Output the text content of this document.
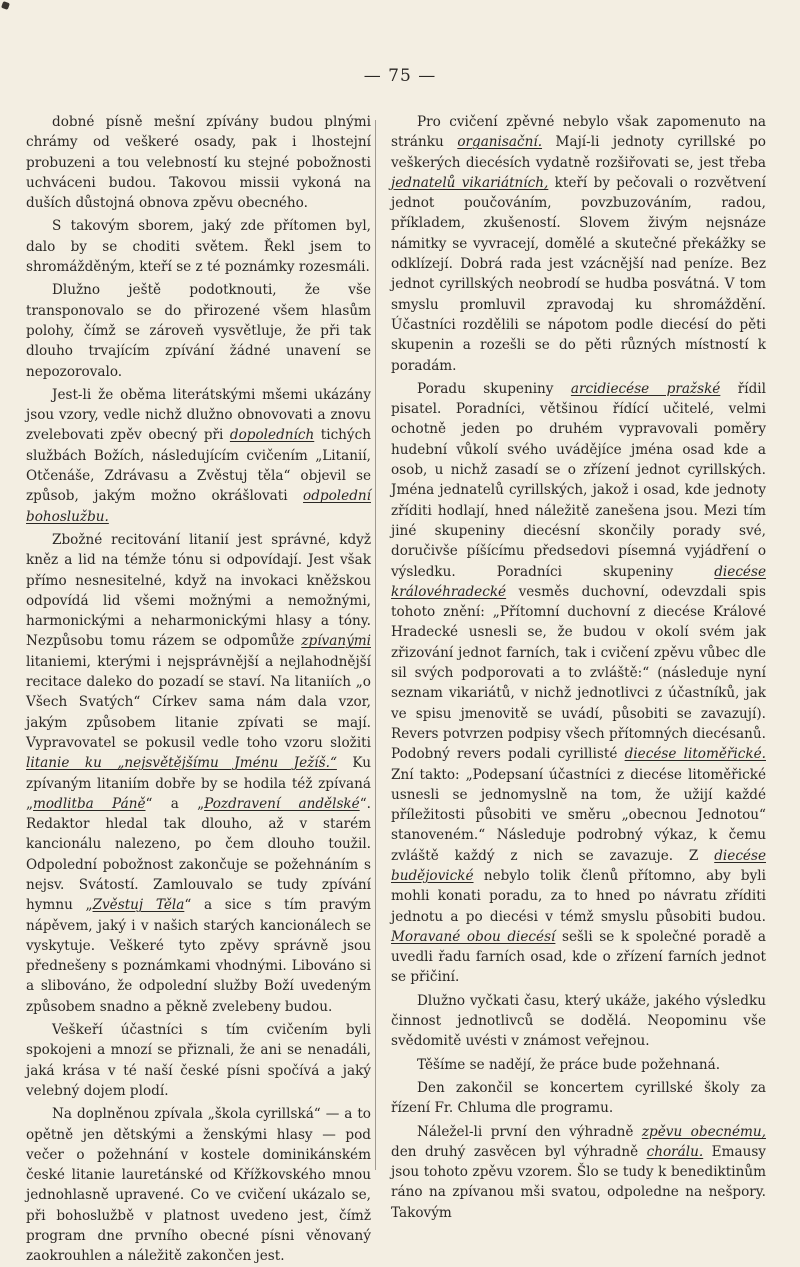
— 75 —

dobné písně mešní zpívány budou plnými chrámy od veškeré osady, pak i lhostejní probuzeni a tou velebností ku stejné pobožnosti uchváceni budou. Takovou missii vykoná na duších důstojná obnova zpěvu obecného.

S takovým sborem, jaký zde přítomen byl, dalo by se choditi světem. Řekl jsem to shromážděným, kteří se z té poznámky rozesmáli.

Dlužno ještě podotknouti, že vše transponovalo se do přirozené všem hlasům polohy, čímž se zároveň vysvětluje, že při tak dlouho trvajícím zpívání žádné unavení se nepozorovalo.

Jest-li že oběma literátskými mšemi ukázány jsou vzory, vedle nichž dlužno obnovovati a znovu zvelebovati zpěv obecný při dopoledních tichých službách Božích, následujícím cvičením „Litanií, Otčenáše, Zdrávasu a Zvěstuj těla“ objevil se způsob, jakým možno okrášlovati odpolední bohoslužbu.

Zbožné recitování litanií jest správné, když kněz a lid na témže tónu si odpovídají. Jest však přímo nesnesitelné, když na invokaci kněžskou odpovídá lid všemi možnými a nemožnými, harmonickými a neharmonickými hlasy a tóny. Nezpůsobu tomu rázem se odpomůže zpívanými litaniemi, kterými i nejsprávnější a nejlahodnější recitace daleko do pozadí se staví. Na litaniích „o Všech Svatých“ Církev sama nám dala vzor, jakým způsobem litanie zpívati se mají. Vypravovatel se pokusil vedle toho vzoru složiti litanie ku „nejsvětějšímu Jménu Ježíš.“ Ku zpívaným litaniím dobře by se hodila též zpívaná „modlitba Páně“ a „Pozdravení andělské“. Redaktor hledal tak dlouho, až v starém kancionálu nalezeno, po čem dlouho toužil. Odpolední pobožnost zakončuje se požehnáním s nejsv. Svátostí. Zamlouvalo se tudy zpívání hymnu „Zvěstuj Těla“ a sice s tím pravým nápěvem, jaký i v našich starých kancionálech se vyskytuje. Veškeré tyto zpěvy správně jsou přednešeny s poznámkami vhodnými. Libováno si a slibováno, že odpolední služby Boží uvedeným způsobem snadno a pěkně zvelebeny budou.

Veškeří účastníci s tím cvičením byli spokojeni a mnozí se přiznali, že ani se nenadáli, jaká krása v té naší české písni spočívá a jaký velebný dojem plodí.

Na doplněnou zpívala „škola cyrillská“ — a to opětně jen dětskými a ženskými hlasy — pod večer o požehnání v kostele dominikánském české litanie lauretánské od Křížkovského mnou jednohlasně upravené. Co ve cvičení ukázalo se, při bohoslužbě v platnost uvedeno jest, čímž program dne prvního obecné písni věnovaný zaokrouhlen a náležitě zakončen jest.

Pro cvičení zpěvné nebylo však zapomenuto na stránku organisační. Mají-li jednoty cyrillské po veškerých diecésích vydatně rozšiřovati se, jest třeba jednatelů vikariátních, kteří by pečovali o rozvětvení jednot poučováním, povzbuzováním, radou, příkladem, zkušeností. Slovem živým nejsnáze námitky se vyvracejí, domělé a skutečné překážky se odklízejí. Dobrá rada jest vzácnější nad peníze. Bez jednot cyrillských neobrodí se hudba posvátná. V tom smyslu promluvil zpravodaj ku shromáždění. Účastníci rozdělili se nápotom podle diecésí do pěti skupenin a rozešli se do pěti různých místností k poradám.

Poradu skupeniny arcidiecése pražské řídil pisatel. Poradníci, většinou řídící učitelé, velmi ochotně jeden po druhém vypravovali poměry hudební vůkolí svého uvádějíce jména osad kde a osob, u nichž zasadí se o zřízení jednot cyrillských. Jména jednatelů cyrillských, jakož i osad, kde jednoty zříditi hodlají, hned náležitě zanešena jsou. Mezi tím jiné skupeniny diecésní skončily porady své, doručivše píšícímu předsedovi písemná vyjádření o výsledku. Poradníci skupeniny diecése královéhradecké vesměs duchovní, odevzdali spis tohoto znění: „Přítomní duchovní z diecése Králové Hradecké usnesli se, že budou v okolí svém jak zřizování jednot farních, tak i cvičení zpěvu vůbec dle sil svých podporovati a to zvláště:“ (následuje nyní seznam vikariátů, v nichž jednotlivci z účastníků, jak ve spisu jmenovitě se uvádí, působiti se zavazují). Revers potvrzen podpisy všech přítomných diecésanů. Podobný revers podali cyrillisté diecése litoměřické. Zní takto: „Podepsaní účastníci z diecése litoměřické usnesli se jednomyslně na tom, že užijí každé příležitosti působiti ve směru „obecnou Jednotou“ stanoveném.“ Následuje podrobný výkaz, k čemu zvláště každý z nich se zavazuje. Z diecése budějovické nebylo tolik členů přítomno, aby byli mohli konati poradu, za to hned po návratu zříditi jednotu a po diecési v témž smyslu působiti budou. Moravané obou diecésí sešli se k společné poradě a uvedli řadu farních osad, kde o zřízení farních jednot se přičiní.

Dlužno vyčkati času, který ukáže, jakého výsledku činnost jednotlivců se dodělá. Neopominu vše svědomitě uvésti v známost veřejnou.

Těšíme se nadějí, že práce bude požehnaná.

Den zakončil se koncertem cyrillské školy za řízení Fr. Chluma dle programu.

Náležel-li první den výhradně zpěvu obecnému, den druhý zasvěcen byl výhradně chorálu. Emausy jsou tohoto zpěvu vzorem. Šlo se tudy k benediktinům ráno na zpívanou mši svatou, odpoledne na nešpory. Takovým
